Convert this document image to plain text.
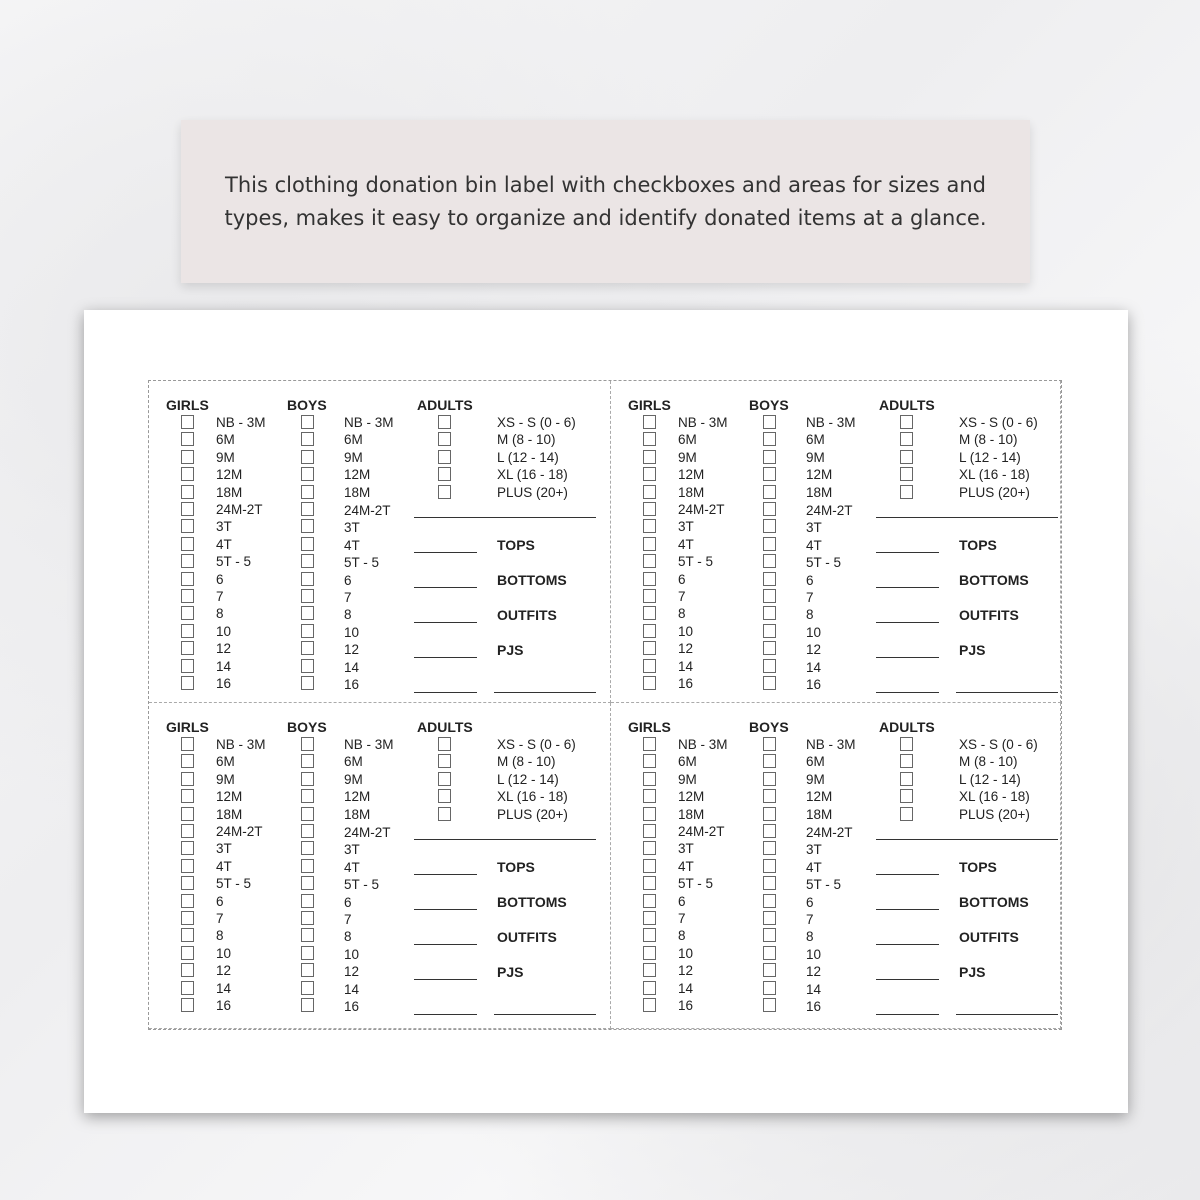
This clothing donation bin label with checkboxes and areas for sizes and types, makes it easy to organize and identify donated items at a glance.
GIRLS	BOYS	ADULTS
NB - 3M	NB - 3M
6M	6M
9M	9M
12M	12M
18M	18M
24M-2T	24M-2T
3T	3T
4T	4T
5T - 5	5T - 5
6	6
7	7
8	8
10	10
12	12
14	14
16	16
XS - S (0 - 6)
M (8 - 10)
L (12 - 14)
XL (16 - 18)
PLUS (20+)
TOPS
BOTTOMS
OUTFITS
PJS
GIRLS	BOYS	ADULTS
NB - 3M	NB - 3M
6M	6M
9M	9M
12M	12M
18M	18M
24M-2T	24M-2T
3T	3T
4T	4T
5T - 5	5T - 5
6	6
7	7
8	8
10	10
12	12
14	14
16	16
XS - S (0 - 6)
M (8 - 10)
L (12 - 14)
XL (16 - 18)
PLUS (20+)
TOPS
BOTTOMS
OUTFITS
PJS
GIRLS	BOYS	ADULTS
NB - 3M	NB - 3M
6M	6M
9M	9M
12M	12M
18M	18M
24M-2T	24M-2T
3T	3T
4T	4T
5T - 5	5T - 5
6	6
7	7
8	8
10	10
12	12
14	14
16	16
XS - S (0 - 6)
M (8 - 10)
L (12 - 14)
XL (16 - 18)
PLUS (20+)
TOPS
BOTTOMS
OUTFITS
PJS
GIRLS	BOYS	ADULTS
NB - 3M	NB - 3M
6M	6M
9M	9M
12M	12M
18M	18M
24M-2T	24M-2T
3T	3T
4T	4T
5T - 5	5T - 5
6	6
7	7
8	8
10	10
12	12
14	14
16	16
XS - S (0 - 6)
M (8 - 10)
L (12 - 14)
XL (16 - 18)
PLUS (20+)
TOPS
BOTTOMS
OUTFITS
PJS
